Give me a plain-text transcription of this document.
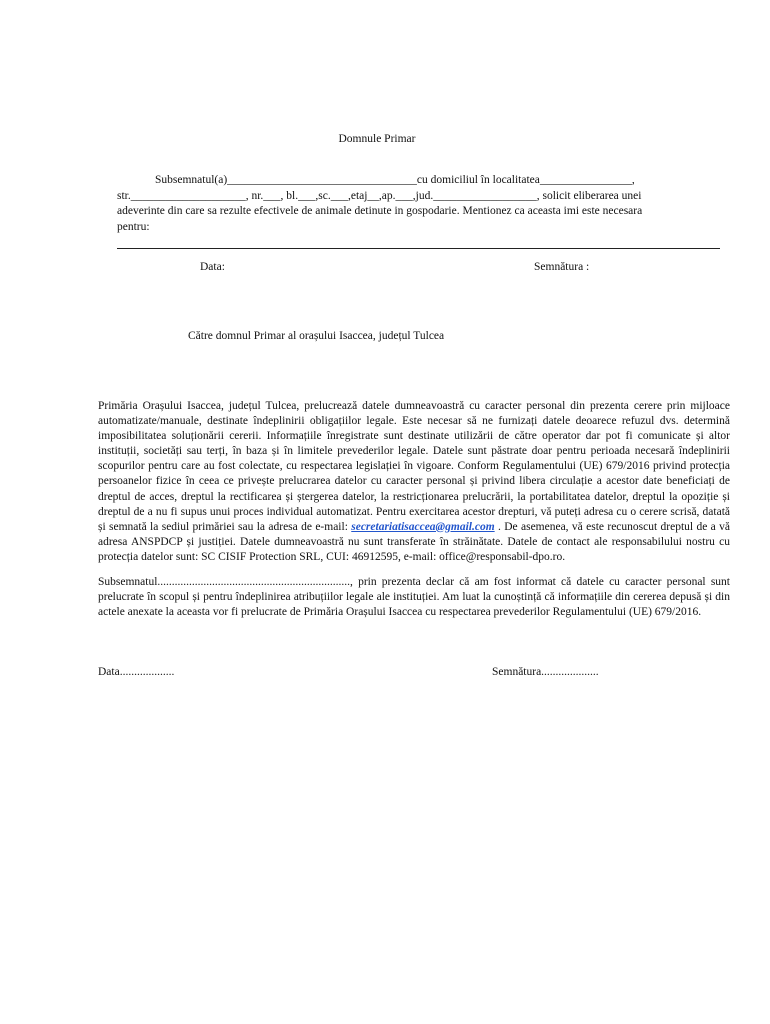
Domnule Primar

Subsemnatul(a)_________________________________cu domiciliul în localitatea________________,

str.____________________, nr.___, bl.___,sc.___,etaj__,ap.___,jud.__________________, solicit eliberarea unei

adeverinte din care sa rezulte efectivele de animale detinute in gospodarie. Mentionez ca aceasta imi este necesara

pentru:

Data:	Semnătura :
Către domnul Primar al orașului Isaccea, județul Tulcea

Primăria Orașului Isaccea, județul Tulcea, prelucrează datele dumneavoastră cu caracter personal din prezenta cerere prin mijloace automatizate/manuale, destinate îndeplinirii obligațiilor legale. Este necesar să ne furnizați datele deoarece refuzul dvs. determină imposibilitatea soluționării cererii. Informațiile înregistrate sunt destinate utilizării de către operator dar pot fi comunicate și altor instituții, societăți sau terți, în baza și în limitele prevederilor legale. Datele sunt păstrate doar pentru perioada necesară îndeplinirii scopurilor pentru care au fost colectate, cu respectarea legislației în vigoare. Conform Regulamentului (UE) 679/2016 privind protecția persoanelor fizice în ceea ce privește prelucrarea datelor cu caracter personal și privind libera circulație a acestor date beneficiați de dreptul de acces, dreptul la rectificarea și ștergerea datelor, la restricționarea prelucrării, la portabilitatea datelor, dreptul la opoziție și dreptul de a nu fi supus unui proces individual automatizat. Pentru exercitarea acestor drepturi, vă puteți adresa cu o cerere scrisă, datată și semnată la sediul primăriei sau la adresa de e-mail: secretariatisaccea@gmail.com . De asemenea, vă este recunoscut dreptul de a vă adresa ANSPDCP și justiției. Datele dumneavoastră nu sunt transferate în străinătate. Datele de contact ale responsabilului nostru cu protecția datelor sunt: SC CISIF Protection SRL, CUI: 46912595, e-mail: office@responsabil-dpo.ro.

Subsemnatul..................................................................., prin prezenta declar că am fost informat că datele cu caracter personal sunt prelucrate în scopul și pentru îndeplinirea atribuțiilor legale ale instituției. Am luat la cunoștință că informațiile din cererea depusă și din actele anexate la aceasta vor fi prelucrate de Primăria Orașului Isaccea cu respectarea prevederilor Regulamentului (UE) 679/2016.

Data...................	Semnătura....................
